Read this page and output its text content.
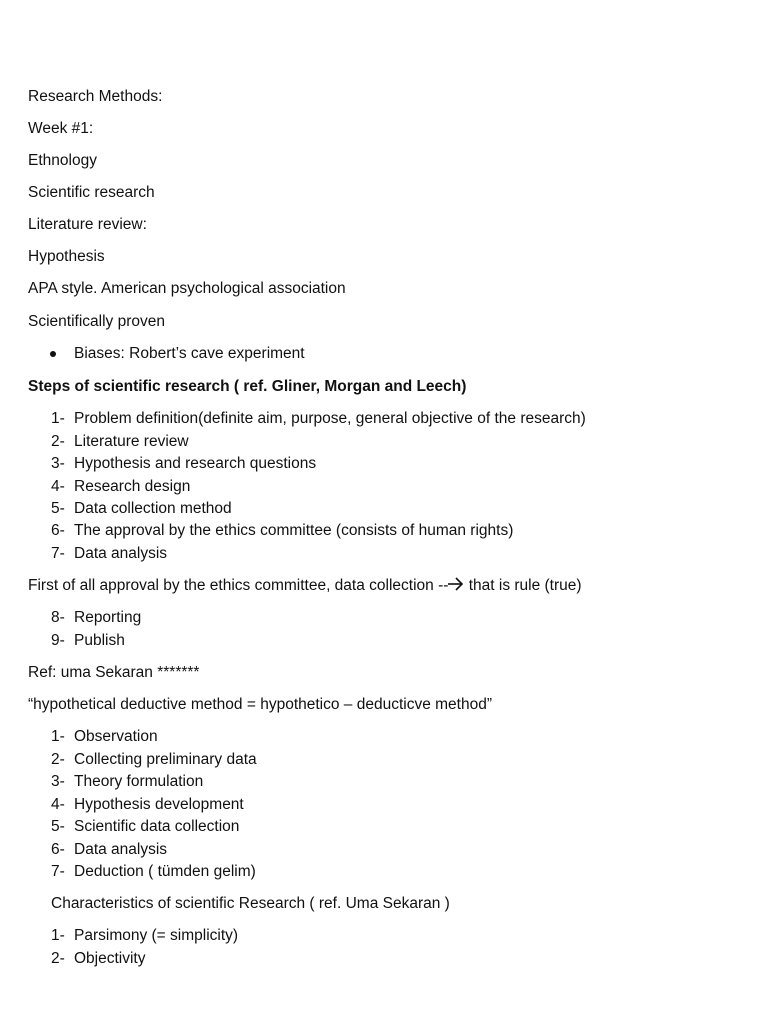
Research Methods:
Week #1:
Ethnology
Scientific research
Literature review:
Hypothesis
APA style. American psychological association
Scientifically proven
Biases: Robert’s cave experiment
Steps of scientific research ( ref. Gliner, Morgan and Leech)
1- Problem definition(definite aim, purpose, general objective of the research)
2- Literature review
3- Hypothesis and research questions
4- Research design
5- Data collection method
6- The approval by the ethics committee (consists of human rights)
7- Data analysis
First of all approval by the ethics committee, data collection -- that is rule (true)
8- Reporting
9- Publish
Ref: uma Sekaran *******
“hypothetical deductive method = hypothetico – deducticve method”
1- Observation
2- Collecting preliminary data
3- Theory formulation
4- Hypothesis development
5- Scientific data collection
6- Data analysis
7- Deduction ( tümden gelim)
Characteristics of scientific Research ( ref. Uma Sekaran )
1- Parsimony (= simplicity)
2- Objectivity
